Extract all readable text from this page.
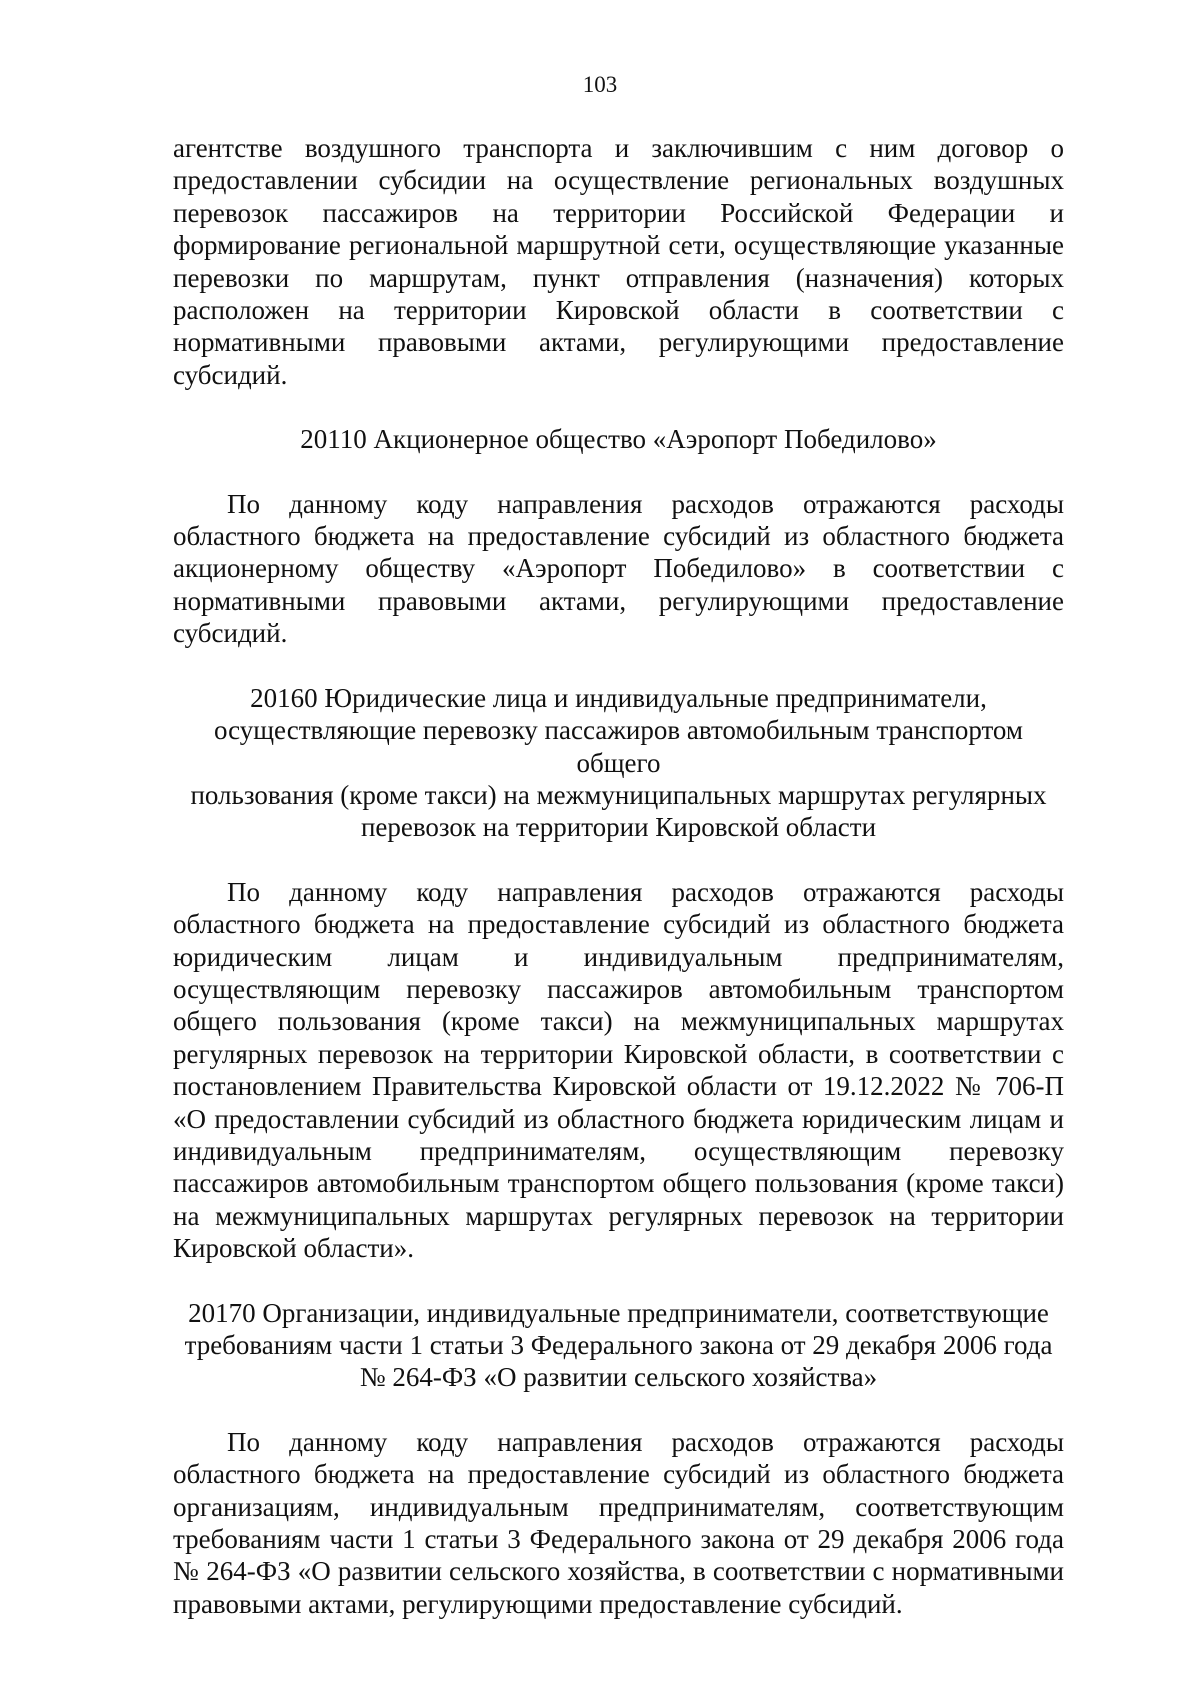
103

агентстве воздушного транспорта и заключившим с ним договор о предоставлении субсидии на осуществление региональных воздушных перевозок пассажиров на территории Российской Федерации и формирование региональной маршрутной сети, осуществляющие указанные перевозки по маршрутам, пункт отправления (назначения) которых расположен на территории Кировской области в соответствии с нормативными правовыми актами, регулирующими предоставление субсидий.

20110 Акционерное общество «Аэропорт Победилово»

По данному коду направления расходов отражаются расходы областного бюджета на предоставление субсидий из областного бюджета акционерному обществу «Аэропорт Победилово» в соответствии с нормативными правовыми актами, регулирующими предоставление субсидий.

20160 Юридические лица и индивидуальные предприниматели,
осуществляющие перевозку пассажиров автомобильным транспортом общего
пользования (кроме такси) на межмуниципальных маршрутах регулярных
перевозок на территории Кировской области

По данному коду направления расходов отражаются расходы областного бюджета на предоставление субсидий из областного бюджета юридическим лицам и индивидуальным предпринимателям, осуществляющим перевозку пассажиров автомобильным транспортом общего пользования (кроме такси) на межмуниципальных маршрутах регулярных перевозок на территории Кировской области, в соответствии с постановлением Правительства Кировской области от 19.12.2022 № 706-П «О предоставлении субсидий из областного бюджета юридическим лицам и индивидуальным предпринимателям, осуществляющим перевозку пассажиров автомобильным транспортом общего пользования (кроме такси) на межмуниципальных маршрутах регулярных перевозок на территории Кировской области».

20170 Организации, индивидуальные предприниматели, соответствующие
требованиям части 1 статьи 3 Федерального закона от 29 декабря 2006 года
№ 264-ФЗ «О развитии сельского хозяйства»

По данному коду направления расходов отражаются расходы областного бюджета на предоставление субсидий из областного бюджета организациям, индивидуальным предпринимателям, соответствующим требованиям части 1 статьи 3 Федерального закона от 29 декабря 2006 года № 264-ФЗ «О развитии сельского хозяйства, в соответствии с нормативными правовыми актами, регулирующими предоставление субсидий.
